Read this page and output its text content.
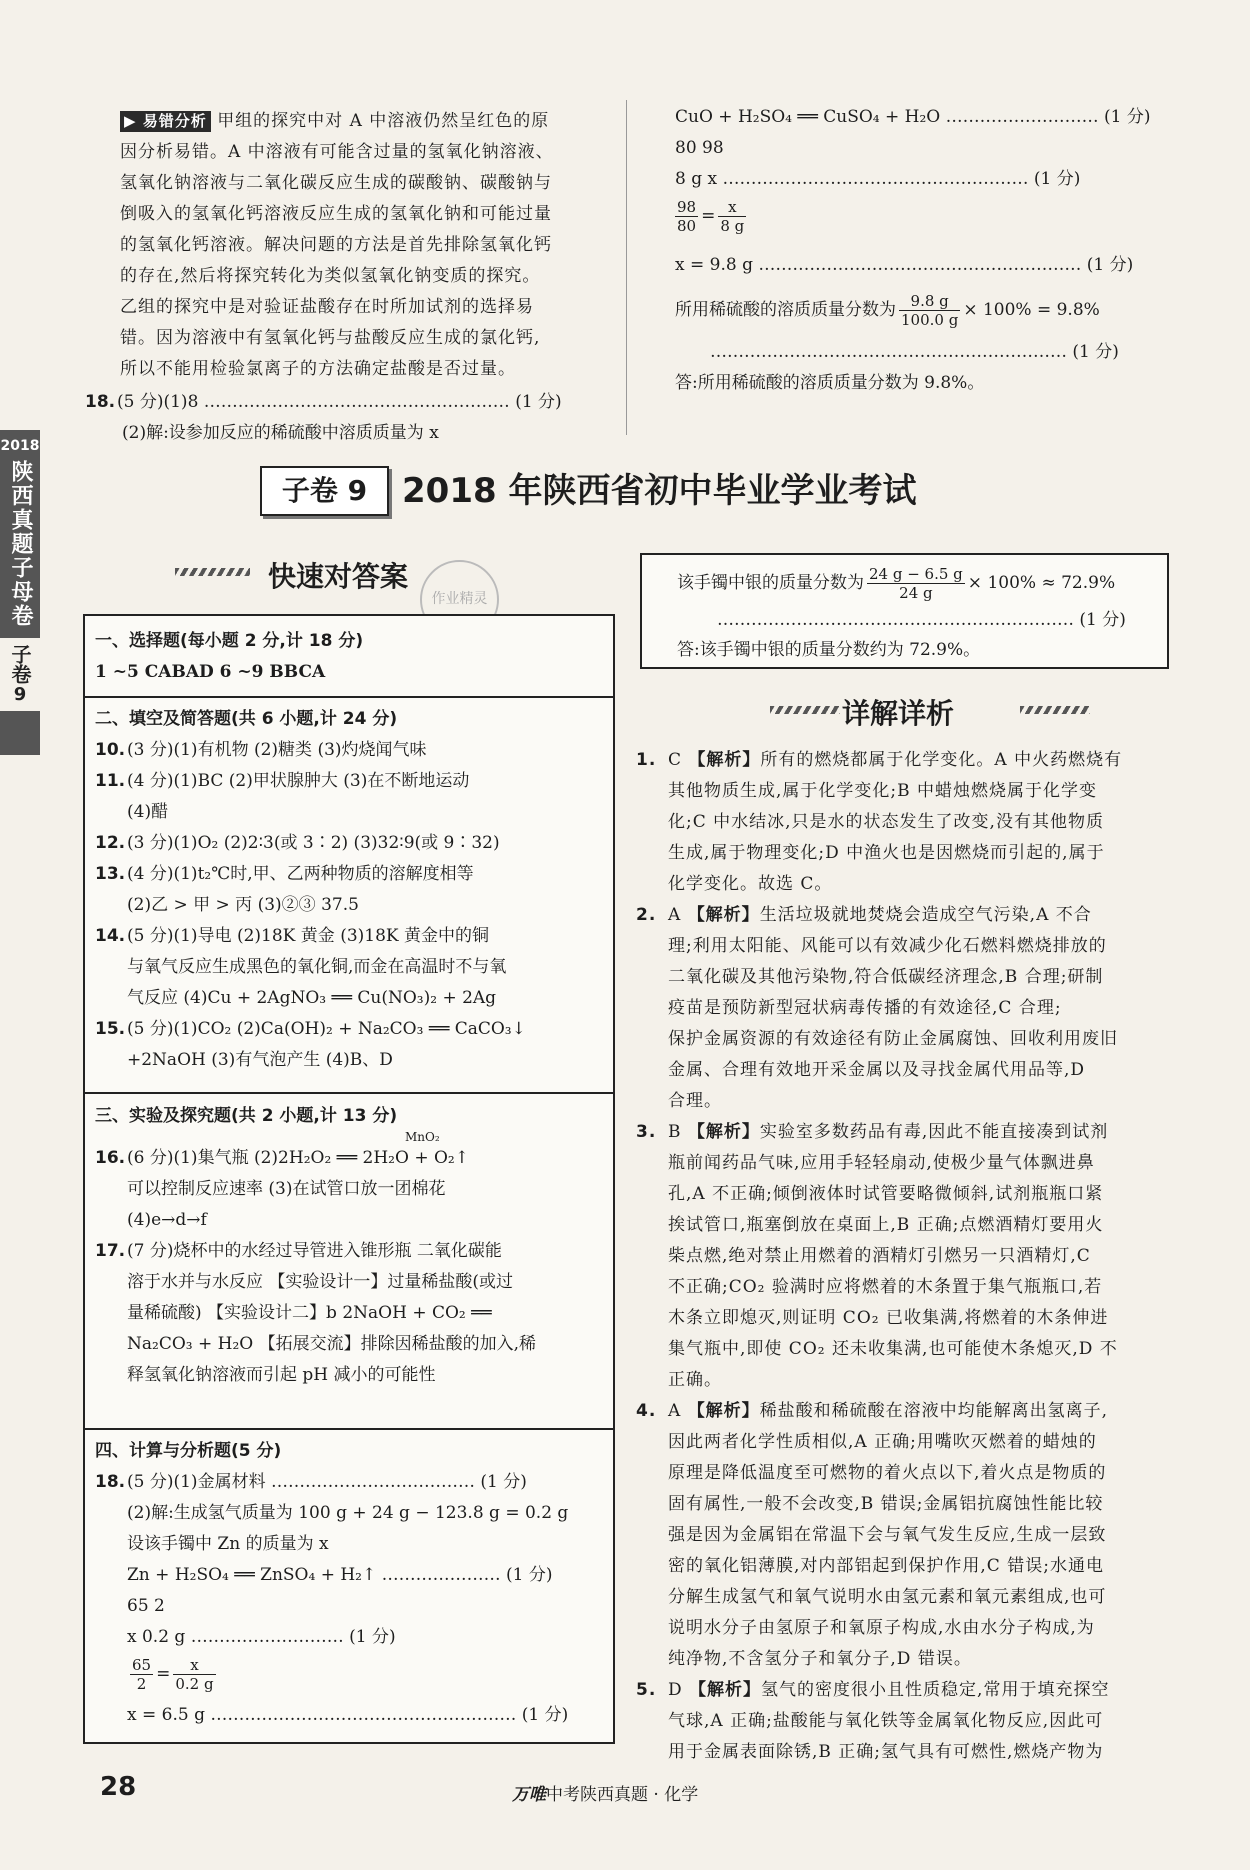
▶ 易错分析 甲组的探究中对 A 中溶液仍然呈红色的原
因分析易错。A 中溶液有可能含过量的氢氧化钠溶液、
氢氧化钠溶液与二氧化碳反应生成的碳酸钠、碳酸钠与
倒吸入的氢氧化钙溶液反应生成的氢氧化钠和可能过量
的氢氧化钙溶液。解决问题的方法是首先排除氢氧化钙
的存在,然后将探究转化为类似氢氧化钠变质的探究。
乙组的探究中是对验证盐酸存在时所加试剂的选择易
错。因为溶液中有氢氧化钙与盐酸反应生成的氯化钙,
所以不能用检验氯离子的方法确定盐酸是否过量。
18. (5 分)(1)8 ……………………………………………… (1 分)
(2)解:设参加反应的稀硫酸中溶质质量为 x
CuO + H₂SO₄ ══ CuSO₄ + H₂O ……………………… (1 分)
80 98
8 g x ……………………………………………… (1 分)
$\frac{98}{80} = \frac{x}{8 g}$
x = 9.8 g ………………………………………………… (1 分)
所用稀硫酸的溶质质量分数为 $\frac{9.8 g}{100.0 g} \times 100\% = 9.8\%$
……………………………………………………… (1 分)
答:所用稀硫酸的溶质质量分数为 9.8%。
2018
陕西真题子母卷
子卷
9
子卷 9	2018 年陕西省初中毕业学业考试
快速对答案
作业精灵
一、选择题(每小题 2 分,计 18 分)
1 ~5 CABAD 6 ~9 BBCA
二、填空及简答题(共 6 小题,计 24 分)
10. (3 分)(1)有机物 (2)糖类 (3)灼烧闻气味
11. (4 分)(1)BC (2)甲状腺肿大 (3)在不断地运动
(4)醋
12. (3 分)(1)O₂ (2)2∶3(或 3∶2) (3)32∶9(或 9∶32)
13. (4 分)(1)t₂℃时,甲、乙两种物质的溶解度相等
(2)乙 > 甲 > 丙 (3)②③ 37.5
14. (5 分)(1)导电 (2)18K 黄金 (3)18K 黄金中的铜
与氧气反应生成黑色的氧化铜,而金在高温时不与氧
气反应 (4)Cu + 2AgNO₃ ══ Cu(NO₃)₂ + 2Ag
15. (5 分)(1)CO₂ (2)Ca(OH)₂ + Na₂CO₃ ══ CaCO₃↓
+2NaOH (3)有气泡产生 (4)B、D
三、实验及探究题(共 2 小题,计 13 分)
MnO₂
16. (6 分)(1)集气瓶 (2)2H₂O₂ ══ 2H₂O + O₂↑
可以控制反应速率 (3)在试管口放一团棉花
(4)e→d→f
17. (7 分)烧杯中的水经过导管进入锥形瓶 二氧化碳能
溶于水并与水反应 【实验设计一】过量稀盐酸(或过
量稀硫酸) 【实验设计二】b 2NaOH + CO₂ ══
Na₂CO₃ + H₂O 【拓展交流】排除因稀盐酸的加入,稀
释氢氧化钠溶液而引起 pH 减小的可能性
四、计算与分析题(5 分)
18. (5 分)(1)金属材料 ……………………………… (1 分)
(2)解:生成氢气质量为 100 g + 24 g − 123.8 g = 0.2 g
设该手镯中 Zn 的质量为 x
Zn + H₂SO₄ ══ ZnSO₄ + H₂↑ ………………… (1 分)
65 2
x 0.2 g ……………………… (1 分)
$\frac{65}{2} = \frac{x}{0.2 g}$
x = 6.5 g ……………………………………………… (1 分)
该手镯中银的质量分数为 $\frac{24 g - 6.5 g}{24 g} \times 100\% \approx 72.9\%$
……………………………………………………… (1 分)
答:该手镯中银的质量分数约为 72.9%。
详解详析
1. C 【解析】所有的燃烧都属于化学变化。A 中火药燃烧有
其他物质生成,属于化学变化;B 中蜡烛燃烧属于化学变
化;C 中水结冰,只是水的状态发生了改变,没有其他物质
生成,属于物理变化;D 中渔火也是因燃烧而引起的,属于
化学变化。故选 C。
2. A 【解析】生活垃圾就地焚烧会造成空气污染,A 不合
理;利用太阳能、风能可以有效减少化石燃料燃烧排放的
二氧化碳及其他污染物,符合低碳经济理念,B 合理;研制
疫苗是预防新型冠状病毒传播的有效途径,C 合理;
保护金属资源的有效途径有防止金属腐蚀、回收利用废旧
金属、合理有效地开采金属以及寻找金属代用品等,D
合理。
3. B 【解析】实验室多数药品有毒,因此不能直接凑到试剂
瓶前闻药品气味,应用手轻轻扇动,使极少量气体飘进鼻
孔,A 不正确;倾倒液体时试管要略微倾斜,试剂瓶瓶口紧
挨试管口,瓶塞倒放在桌面上,B 正确;点燃酒精灯要用火
柴点燃,绝对禁止用燃着的酒精灯引燃另一只酒精灯,C
不正确;CO₂ 验满时应将燃着的木条置于集气瓶瓶口,若
木条立即熄灭,则证明 CO₂ 已收集满,将燃着的木条伸进
集气瓶中,即使 CO₂ 还未收集满,也可能使木条熄灭,D 不
正确。
4. A 【解析】稀盐酸和稀硫酸在溶液中均能解离出氢离子,
因此两者化学性质相似,A 正确;用嘴吹灭燃着的蜡烛的
原理是降低温度至可燃物的着火点以下,着火点是物质的
固有属性,一般不会改变,B 错误;金属铝抗腐蚀性能比较
强是因为金属铝在常温下会与氧气发生反应,生成一层致
密的氧化铝薄膜,对内部铝起到保护作用,C 错误;水通电
分解生成氢气和氧气说明水由氢元素和氧元素组成,也可
说明水分子由氢原子和氧原子构成,水由水分子构成,为
纯净物,不含氢分子和氧分子,D 错误。
5. D 【解析】氢气的密度很小且性质稳定,常用于填充探空
气球,A 正确;盐酸能与氧化铁等金属氧化物反应,因此可
用于金属表面除锈,B 正确;氢气具有可燃性,燃烧产物为
28	万唯中考陕西真题 · 化学
